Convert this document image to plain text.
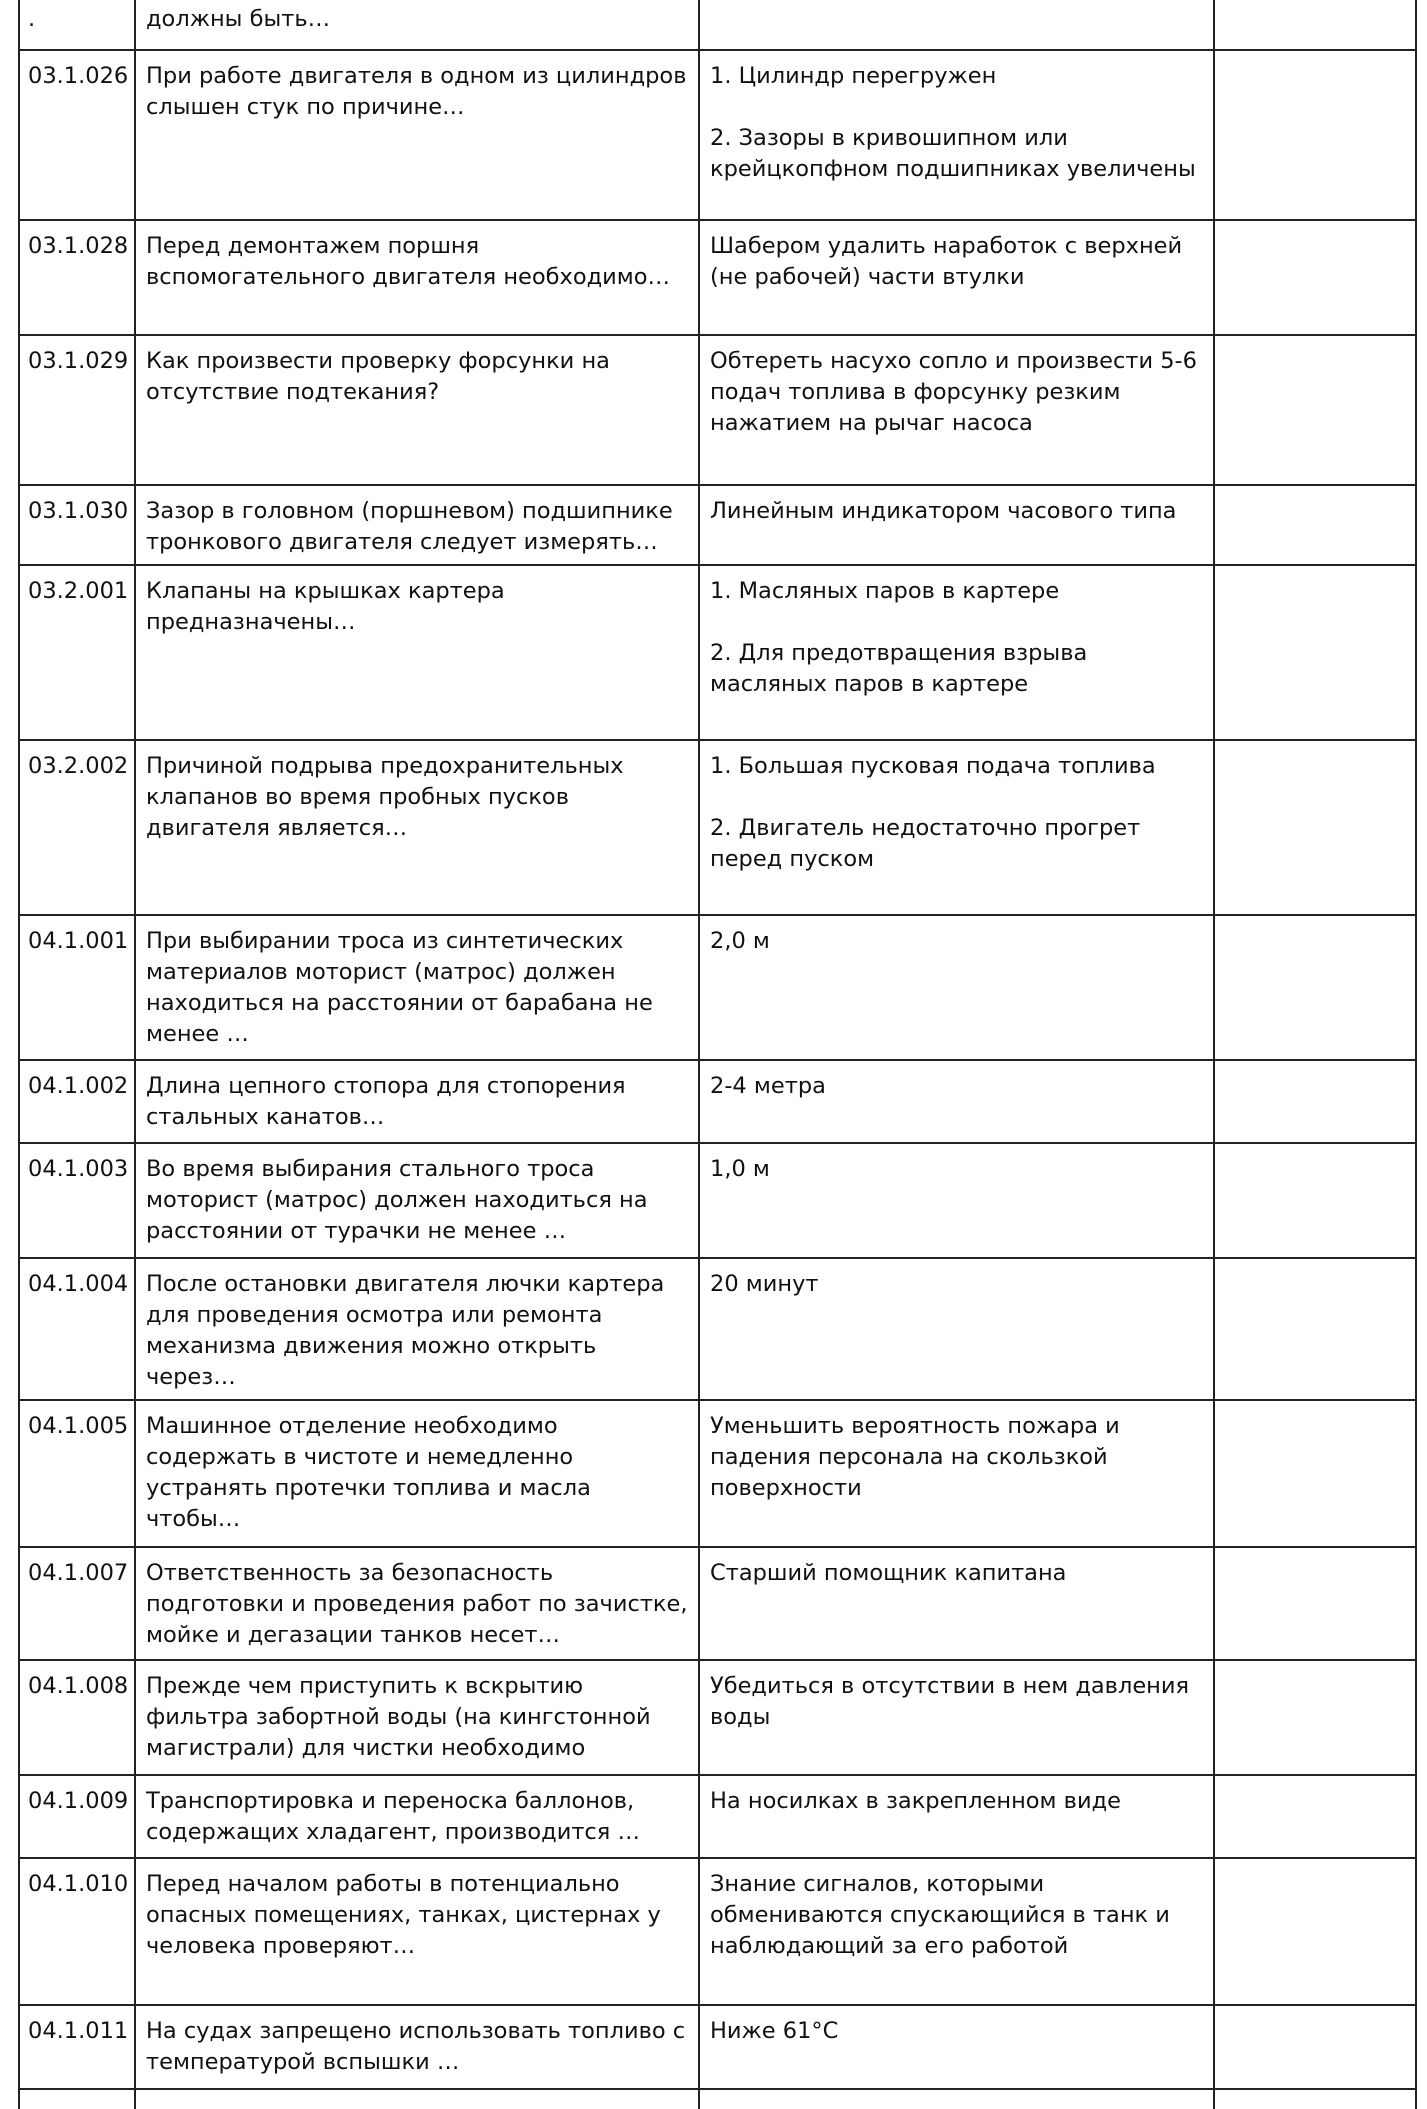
.	должны быть…		
03.1.026	При работе двигателя в одном из цилиндров слышен стук по причине…	1. Цилиндр перегружен

2. Зазоры в кривошипном или крейцкопфном подшипниках увеличены	
03.1.028	Перед демонтажем поршня вспомогательного двигателя необходимо…	Шабером удалить наработок с верхней (не рабочей) части втулки	
03.1.029	Как произвести проверку форсунки на отсутствие подтекания?	Обтереть насухо сопло и произвести 5-6 подач топлива в форсунку резким нажатием на рычаг насоса	
03.1.030	Зазор в головном (поршневом) подшипнике тронкового двигателя следует измерять…	Линейным индикатором часового типа	
03.2.001	Клапаны на крышках картера предназначены…	1. Масляных паров в картере

2. Для предотвращения взрыва масляных паров в картере	
03.2.002	Причиной подрыва предохранительных клапанов во время пробных пусков двигателя является…	1. Большая пусковая подача топлива

2. Двигатель недостаточно прогрет перед пуском	
04.1.001	При выбирании троса из синтетических материалов моторист (матрос) должен находиться на расстоянии от барабана не менее …	2,0 м	
04.1.002	Длина цепного стопора для стопорения стальных канатов…	2-4 метра	
04.1.003	Во время выбирания стального троса моторист (матрос) должен находиться на расстоянии от турачки не менее …	1,0 м	
04.1.004	После остановки двигателя лючки картера для проведения осмотра или ремонта механизма движения можно открыть через…	20 минут	
04.1.005	Машинное отделение необходимо содержать в чистоте и немедленно устранять протечки топлива и масла чтобы…	Уменьшить вероятность пожара и падения персонала на скользкой поверхности	
04.1.007	Ответственность за безопасность подготовки и проведения работ по зачистке, мойке и дегазации танков несет…	Старший помощник капитана	
04.1.008	Прежде чем приступить к вскрытию фильтра забортной воды (на кингстонной магистрали) для чистки необходимо	Убедиться в отсутствии в нем давления воды	
04.1.009	Транспортировка и переноска баллонов, содержащих хладагент, производится …	На носилках в закрепленном виде	
04.1.010	Перед началом работы в потенциально опасных помещениях, танках, цистернах у человека проверяют…	Знание сигналов, которыми обмениваются спускающийся в танк и наблюдающий за его работой	
04.1.011	На судах запрещено использовать топливо с температурой вспышки …	Ниже 61°С	
